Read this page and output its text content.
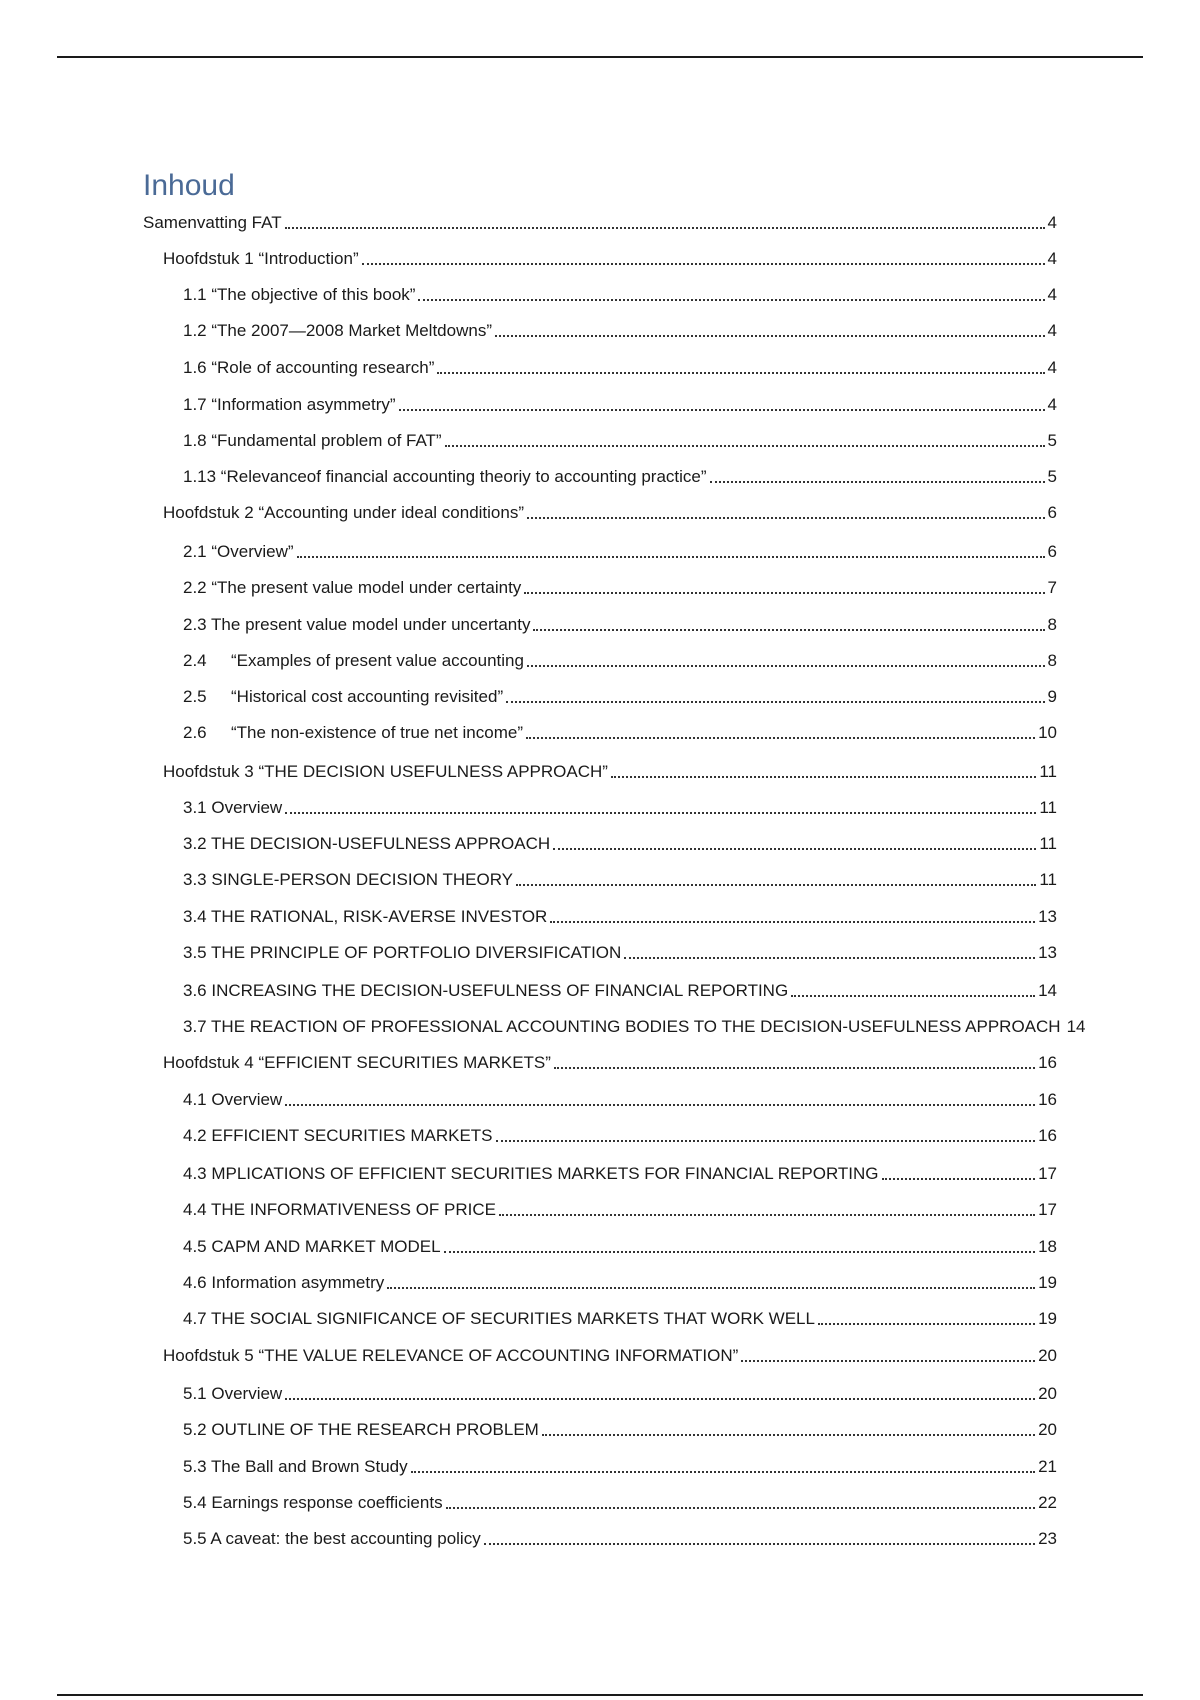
Inhoud
Samenvatting FAT	4
Hoofdstuk 1 “Introduction”	4
1.1 “The objective of this book”	4
1.2 “The 2007—2008 Market Meltdowns”	4
1.6 “Role of accounting research”	4
1.7 “Information asymmetry”	4
1.8 “Fundamental problem of FAT”	5
1.13 “Relevanceof financial accounting theoriy to accounting practice”	5
Hoofdstuk 2 “Accounting under ideal conditions”	6
2.1 “Overview”	6
2.2 “The present value model under certainty	7
2.3 The present value model under uncertanty	8
2.4	“Examples of present value accounting	8
2.5	“Historical cost accounting revisited”	9
2.6	“The non-existence of true net income”	10
Hoofdstuk 3 “THE DECISION USEFULNESS APPROACH”	11
3.1 Overview	11
3.2 THE DECISION-USEFULNESS APPROACH	11
3.3 SINGLE-PERSON DECISION THEORY	11
3.4 THE RATIONAL, RISK-AVERSE INVESTOR	13
3.5 THE PRINCIPLE OF PORTFOLIO DIVERSIFICATION	13
3.6 INCREASING THE DECISION-USEFULNESS OF FINANCIAL REPORTING	14
3.7 THE REACTION OF PROFESSIONAL ACCOUNTING BODIES TO THE DECISION-USEFULNESS APPROACH 14
Hoofdstuk 4 “EFFICIENT SECURITIES MARKETS”	16
4.1 Overview	16
4.2 EFFICIENT SECURITIES MARKETS	16
4.3 MPLICATIONS OF EFFICIENT SECURITIES MARKETS FOR FINANCIAL REPORTING	17
4.4 THE INFORMATIVENESS OF PRICE	17
4.5 CAPM AND MARKET MODEL	18
4.6 Information asymmetry	19
4.7 THE SOCIAL SIGNIFICANCE OF SECURITIES MARKETS THAT WORK WELL	19
Hoofdstuk 5 “THE VALUE RELEVANCE OF ACCOUNTING INFORMATION”	20
5.1 Overview	20
5.2 OUTLINE OF THE RESEARCH PROBLEM	20
5.3 The Ball and Brown Study	21
5.4 Earnings response coefficients	22
5.5 A caveat: the best accounting policy	23
